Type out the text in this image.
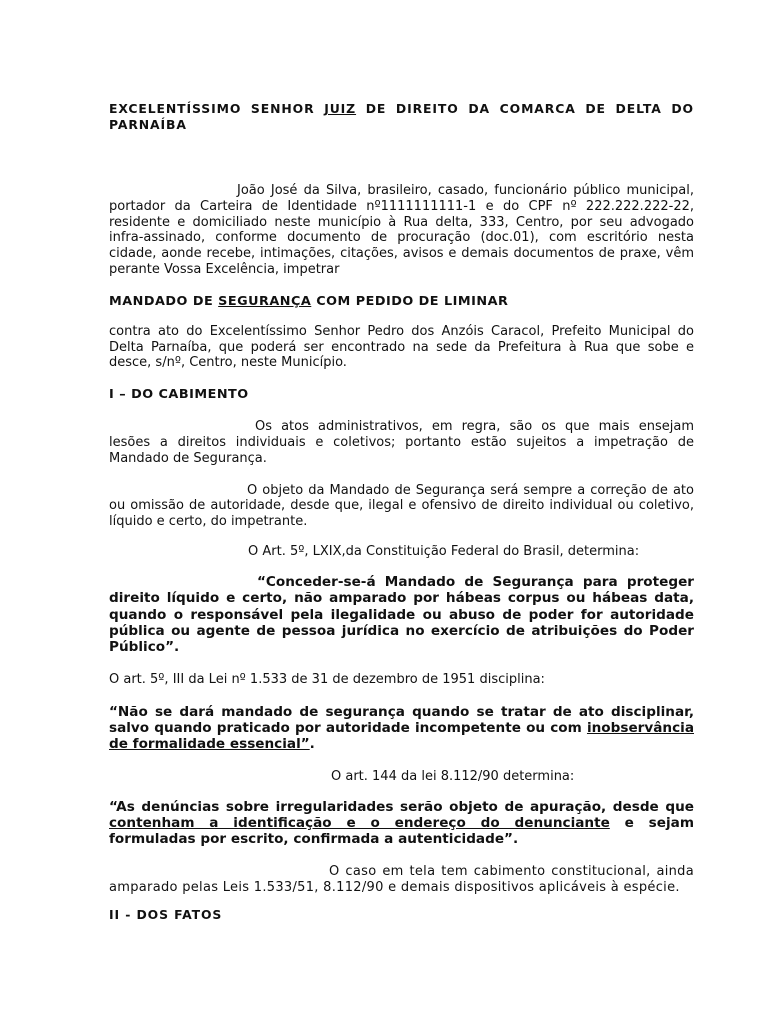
EXCELENTÍSSIMO SENHOR JUIZ DE DIREITO DA COMARCA DE DELTA DO PARNAÍBA

João José da Silva, brasileiro, casado, funcionário público municipal, portador da Carteira de Identidade nº1111111111-1 e do CPF nº 222.222.222-22, residente e domiciliado neste município à Rua delta, 333, Centro, por seu advogado infra-assinado, conforme documento de procuração (doc.01), com escritório nesta cidade, aonde recebe, intimações, citações, avisos e demais documentos de praxe, vêm perante Vossa Excelência, impetrar

MANDADO DE SEGURANÇA COM PEDIDO DE LIMINAR

contra ato do Excelentíssimo Senhor Pedro dos Anzóis Caracol, Prefeito Municipal do Delta Parnaíba, que poderá ser encontrado na sede da Prefeitura à Rua que sobe e desce, s/nº, Centro, neste Município.

I – DO CABIMENTO

Os atos administrativos, em regra, são os que mais ensejam lesões a direitos individuais e coletivos; portanto estão sujeitos a impetração de Mandado de Segurança.

O objeto da Mandado de Segurança será sempre a correção de ato ou omissão de autoridade, desde que, ilegal e ofensivo de direito individual ou coletivo, líquido e certo, do impetrante.

O Art. 5º, LXIX,da Constituição Federal do Brasil, determina:

“Conceder-se-á Mandado de Segurança para proteger direito líquido e certo, não amparado por hábeas corpus ou hábeas data, quando o responsável pela ilegalidade ou abuso de poder for autoridade pública ou agente de pessoa jurídica no exercício de atribuições do Poder Público”.

O art. 5º, III da Lei nº 1.533 de 31 de dezembro de 1951 disciplina:

“Não se dará mandado de segurança quando se tratar de ato disciplinar, salvo quando praticado por autoridade incompetente ou com inobservância de formalidade essencial”.

O art. 144 da lei 8.112/90 determina:

“As denúncias sobre irregularidades serão objeto de apuração, desde que contenham a identificação e o endereço do denunciante e sejam formuladas por escrito, confirmada a autenticidade”.

O caso em tela tem cabimento constitucional, ainda amparado pelas Leis 1.533/51, 8.112/90 e demais dispositivos aplicáveis à espécie.

II - DOS FATOS
